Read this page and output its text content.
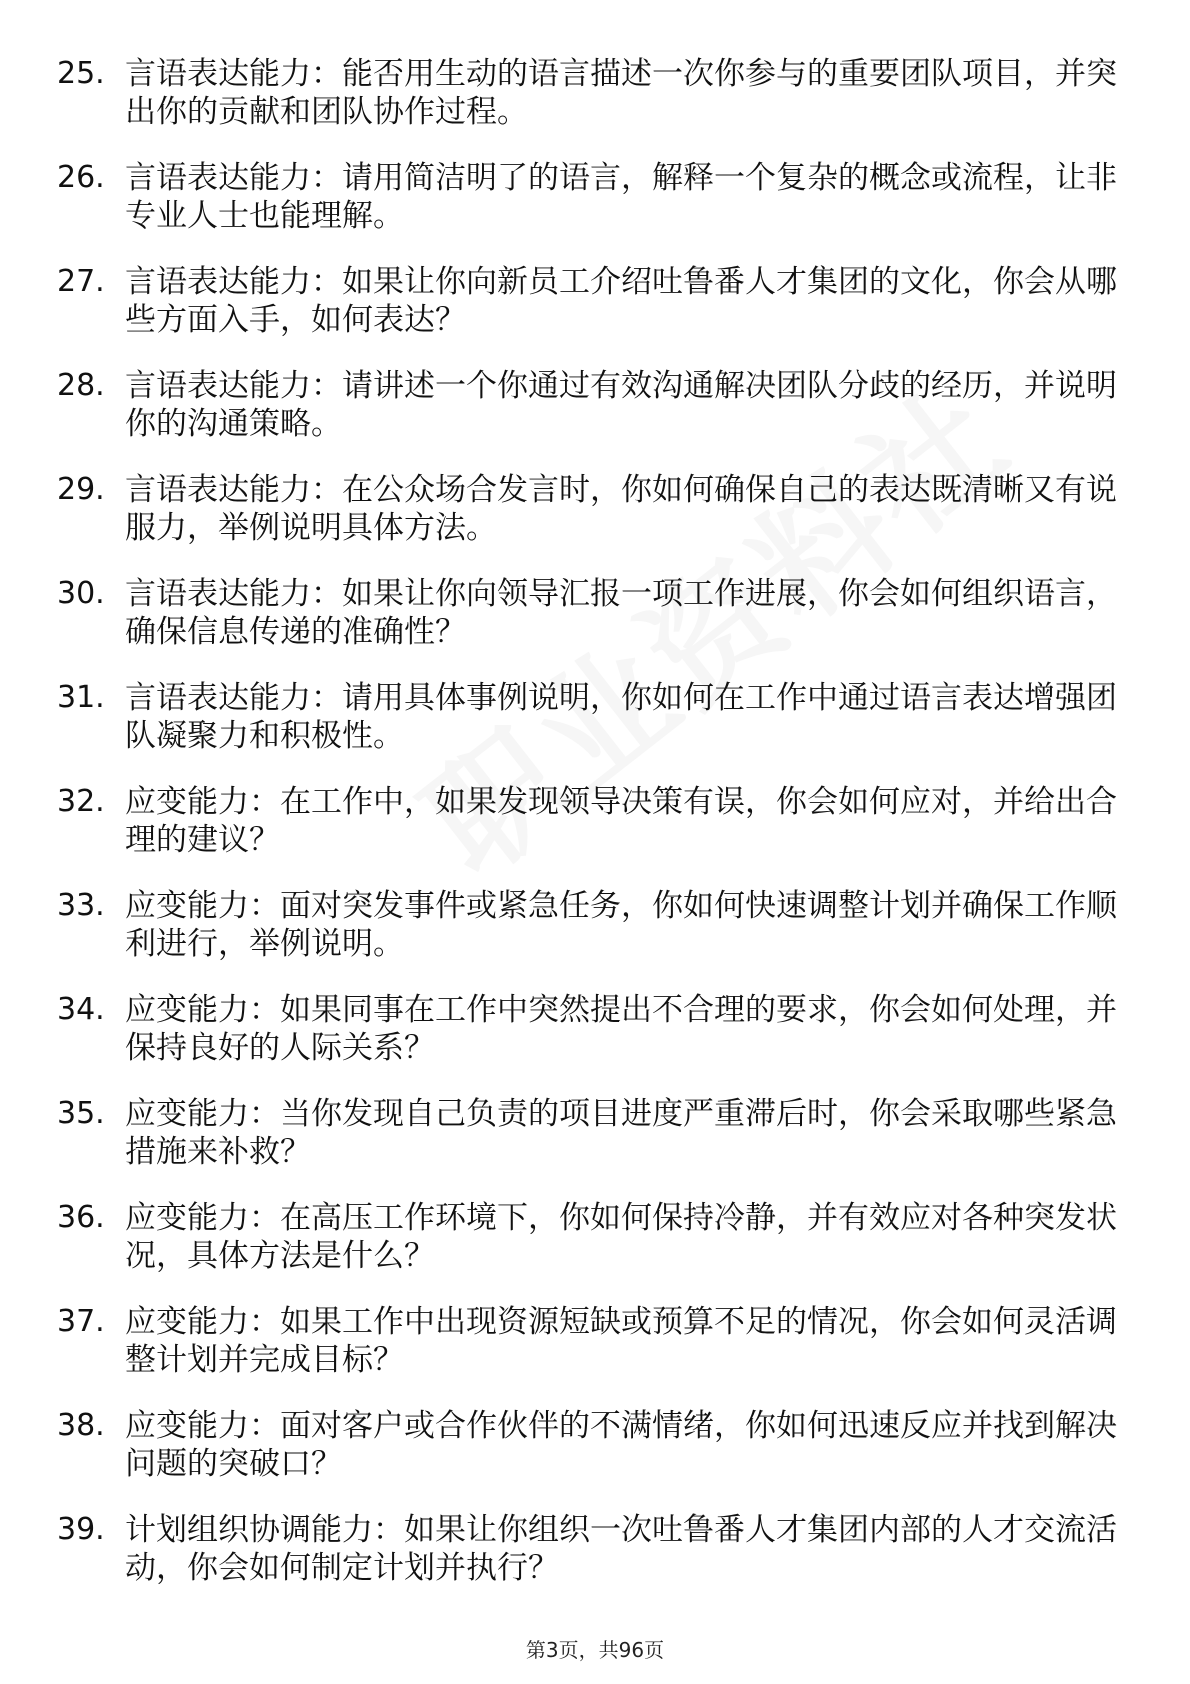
25. 言语表达能力：能否用生动的语言描述一次你参与的重要团队项目，并突出你的贡献和团队协作过程。
26. 言语表达能力：请用简洁明了的语言，解释一个复杂的概念或流程，让非专业人士也能理解。
27. 言语表达能力：如果让你向新员工介绍吐鲁番人才集团的文化，你会从哪些方面入手，如何表达？
28. 言语表达能力：请讲述一个你通过有效沟通解决团队分歧的经历，并说明你的沟通策略。
29. 言语表达能力：在公众场合发言时，你如何确保自己的表达既清晰又有说服力，举例说明具体方法。
30. 言语表达能力：如果让你向领导汇报一项工作进展，你会如何组织语言，确保信息传递的准确性？
31. 言语表达能力：请用具体事例说明，你如何在工作中通过语言表达增强团队凝聚力和积极性。
32. 应变能力：在工作中，如果发现领导决策有误，你会如何应对，并给出合理的建议？
33. 应变能力：面对突发事件或紧急任务，你如何快速调整计划并确保工作顺利进行，举例说明。
34. 应变能力：如果同事在工作中突然提出不合理的要求，你会如何处理，并保持良好的人际关系？
35. 应变能力：当你发现自己负责的项目进度严重滞后时，你会采取哪些紧急措施来补救？
36. 应变能力：在高压工作环境下，你如何保持冷静，并有效应对各种突发状况，具体方法是什么？
37. 应变能力：如果工作中出现资源短缺或预算不足的情况，你会如何灵活调整计划并完成目标？
38. 应变能力：面对客户或合作伙伴的不满情绪，你如何迅速反应并找到解决问题的突破口？
39. 计划组织协调能力：如果让你组织一次吐鲁番人才集团内部的人才交流活动，你会如何制定计划并执行？
第3页，共96页
